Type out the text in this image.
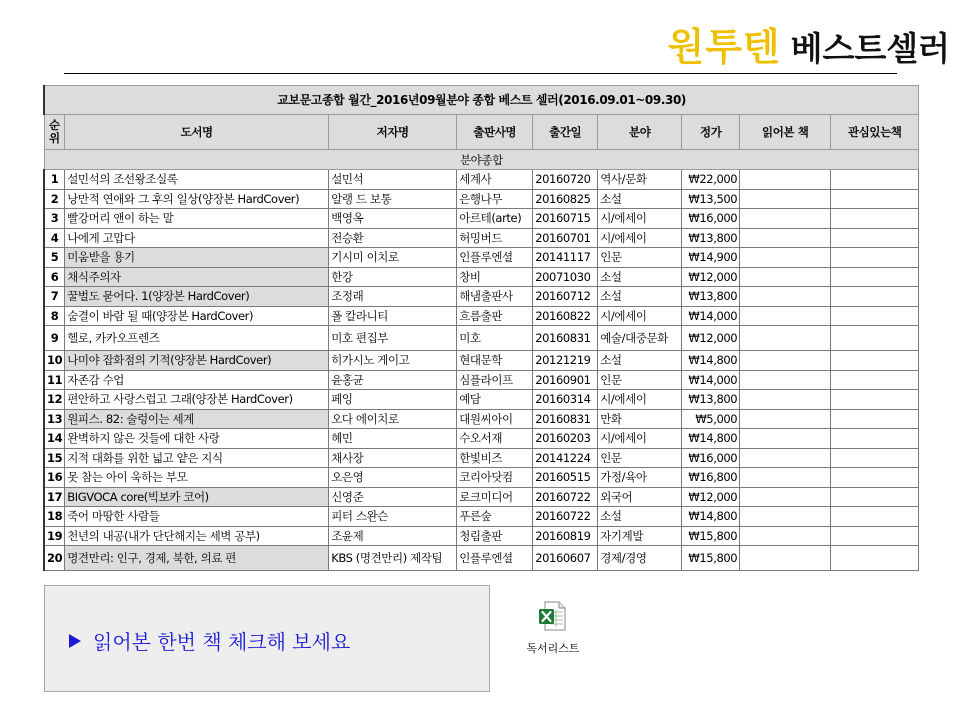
원투텐 베스트셀러
교보문고종합 월간_2016년09월분야 종합 베스트 셀러(2016.09.01~09.30)								
순위	도서명	저자명	출판사명	출간일	분야	정가	읽어본 책	관심있는책
분야종합								
1	설민석의 조선왕조실록	설민석	세계사	20160720	역사/문화	₩22,000		
2	낭만적 연애와 그 후의 일상(양장본 HardCover)	알랭 드 보통	은행나무	20160825	소설	₩13,500		
3	빨강머리 앤이 하는 말	백영옥	아르테(arte)	20160715	시/에세이	₩16,000		
4	나에게 고맙다	전승환	허밍버드	20160701	시/에세이	₩13,800		
5	미움받을 용기	기시미 이치로	인플루엔셜	20141117	인문	₩14,900		
6	채식주의자	한강	창비	20071030	소설	₩12,000		
7	꿀벌도 묻어다. 1(양장본 HardCover)	조정래	해냄출판사	20160712	소설	₩13,800		
8	숨결이 바람 될 때(양장본 HardCover)	폴 칼라니티	흐름출판	20160822	시/에세이	₩14,000		
9	헬로, 카카오프렌즈	미호 편집부	미호	20160831	예술/대중문화	₩12,000		
10	나미야 잡화점의 기적(양장본 HardCover)	히가시노 게이고	현대문학	20121219	소설	₩14,800		
11	자존감 수업	윤홍균	심플라이프	20160901	인문	₩14,000		
12	편안하고 사랑스럽고 그래(양장본 HardCover)	페잉	예담	20160314	시/에세이	₩13,800		
13	원피스. 82: 술렁이는 세계	오다 에이치로	대원씨아이	20160831	만화	₩5,000		
14	완벽하지 않은 것들에 대한 사랑	혜민	수오서재	20160203	시/에세이	₩14,800		
15	지적 대화를 위한 넓고 얕은 지식	채사장	한빛비즈	20141224	인문	₩16,000		
16	못 참는 아이 욱하는 부모	오은영	코리아닷컴	20160515	가정/육아	₩16,800		
17	BIGVOCA core(빅보카 코어)	신영준	로크미디어	20160722	외국어	₩12,000		
18	죽어 마땅한 사람들	피터 스완슨	푸른숲	20160722	소설	₩14,800		
19	천년의 내공(내가 단단해지는 세벽 공부)	조윤제	청림출판	20160819	자기계발	₩15,800		
20	명견만리: 인구, 경제, 북한, 의료 편	KBS (명견만리) 제작팀	인플루엔셜	20160607	경제/경영	₩15,800		
읽어본 한번 책 체크해 보세요	독서리스트
